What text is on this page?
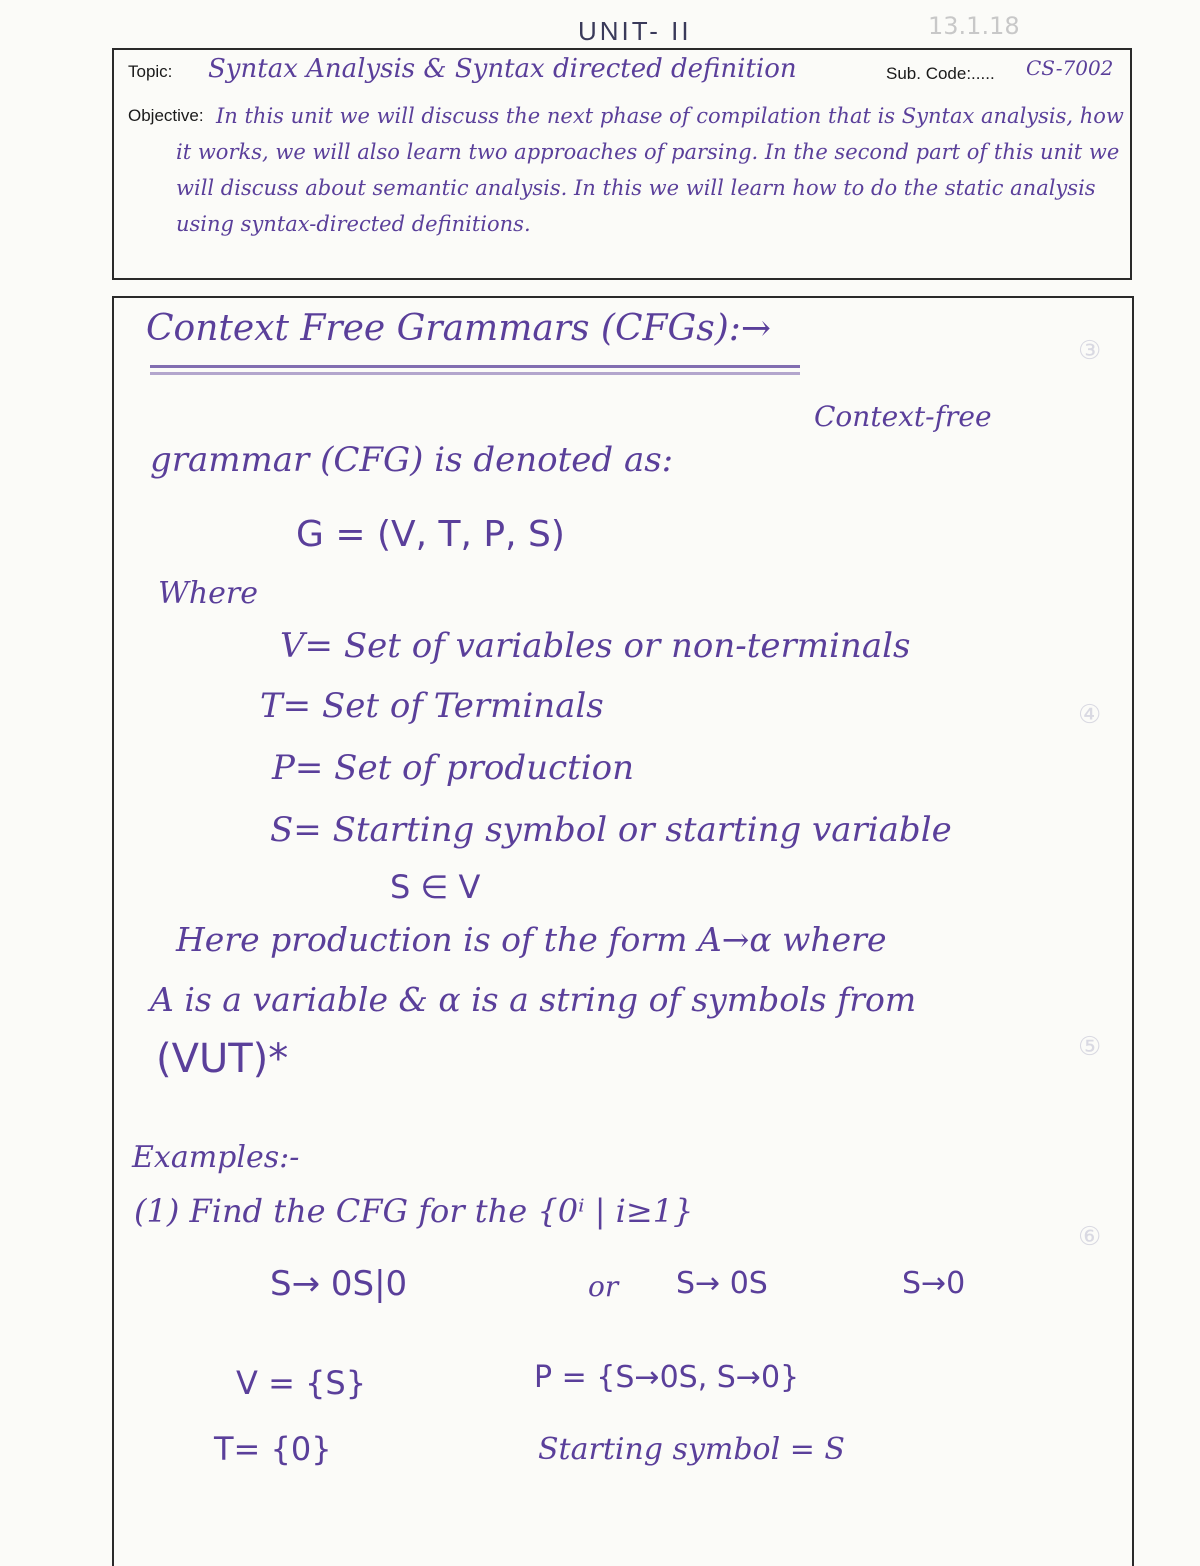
UNIT- II	13.1.18
Topic: Syntax Analysis & Syntax directed definition	Sub. Code:..... CS-7002
Objective: In this unit we will discuss the next phase of compilation that is Syntax analysis, how it works, we will also learn two approaches of parsing. In the second part of this unit we will discuss about semantic analysis. In this we will learn how to do the static analysis using syntax-directed definitions.
③
④
⑤
⑥
Context Free Grammars (CFGs):→
Context-free
grammar (CFG) is denoted as:
G = (V, T, P, S)
Where
V= Set of variables or non-terminals
T= Set of Terminals
P= Set of production
S= Starting symbol or starting variable
S ∈ V
Here production is of the form A→α where
A is a variable & α is a string of symbols from
(VUT)*
Examples:-
(1) Find the CFG for the {0ⁱ | i≥1}
S→ 0S|0	or S→ 0S	S→0
V = {S}	P = {S→0S, S→0}
T= {0}	Starting symbol = S
